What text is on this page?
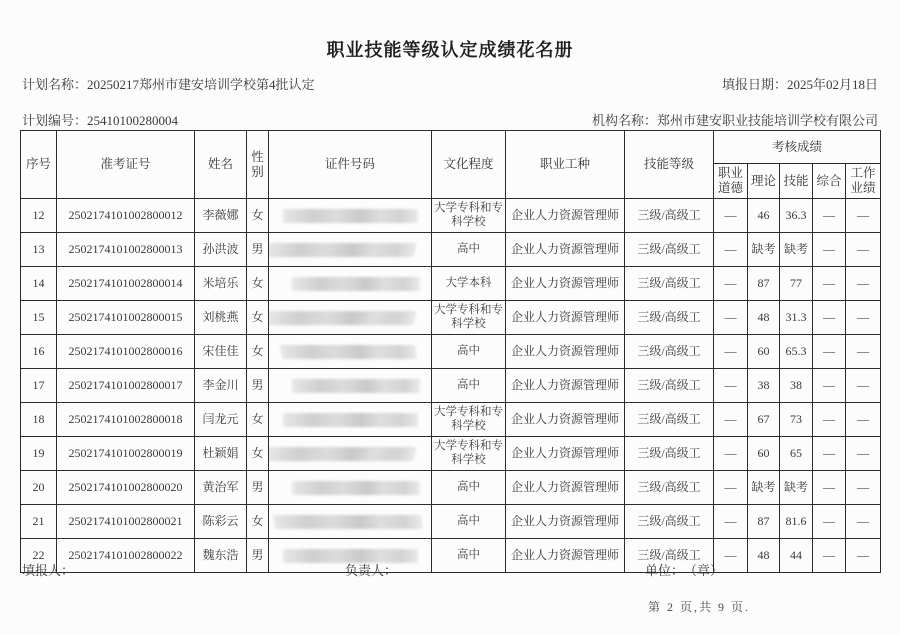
职业技能等级认定成绩花名册
计划名称：20250217郑州市建安培训学校第4批认定	填报日期：2025年02月18日
计划编号：25410100280004	机构名称：郑州市建安职业技能培训学校有限公司
序号	准考证号	姓名	性别	证件号码	文化程度	职业工种	技能等级	考核成绩				
								职业道德	理论	技能	综合	工作业绩
12	2502174101002800012	李薇娜	女		大学专科和专科学校	企业人力资源管理师	三级/高级工	—	46	36.3	—	—
13	2502174101002800013	孙洪波	男		高中	企业人力资源管理师	三级/高级工	—	缺考	缺考	—	—
14	2502174101002800014	米培乐	女		大学本科	企业人力资源管理师	三级/高级工	—	87	77	—	—
15	2502174101002800015	刘桃燕	女		大学专科和专科学校	企业人力资源管理师	三级/高级工	—	48	31.3	—	—
16	2502174101002800016	宋佳佳	女		高中	企业人力资源管理师	三级/高级工	—	60	65.3	—	—
17	2502174101002800017	李金川	男		高中	企业人力资源管理师	三级/高级工	—	38	38	—	—
18	2502174101002800018	闫龙元	女		大学专科和专科学校	企业人力资源管理师	三级/高级工	—	67	73	—	—
19	2502174101002800019	杜颖娟	女		大学专科和专科学校	企业人力资源管理师	三级/高级工	—	60	65	—	—
20	2502174101002800020	黄治军	男		高中	企业人力资源管理师	三级/高级工	—	缺考	缺考	—	—
21	2502174101002800021	陈彩云	女		高中	企业人力资源管理师	三级/高级工	—	87	81.6	—	—
22	2502174101002800022	魏东浩	男		高中	企业人力资源管理师	三级/高级工	—	48	44	—	—
填报人：	负责人：	单位：　（章）
第 2 页,共 9 页.
